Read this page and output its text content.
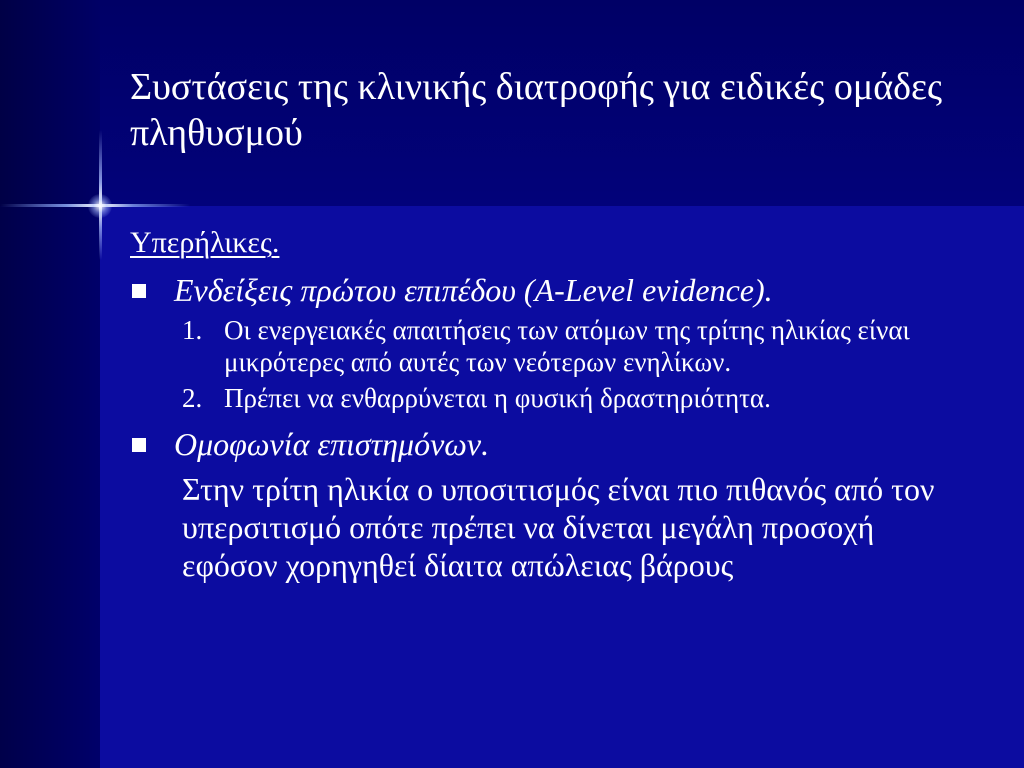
Συστάσεις της κλινικής διατροφής για ειδικές ομάδες πληθυσμού
Υπερήλικες.
Ενδείξεις πρώτου επιπέδου (A-Level evidence).
1. Οι ενεργειακές απαιτήσεις των ατόμων της τρίτης ηλικίας είναι μικρότερες από αυτές των νεότερων ενηλίκων.
2. Πρέπει να ενθαρρύνεται η φυσική δραστηριότητα.
Ομοφωνία επιστημόνων.
Στην τρίτη ηλικία ο υποσιτισμός είναι πιο πιθανός από τον υπερσιτισμό οπότε πρέπει να δίνεται μεγάλη προσοχή εφόσον χορηγηθεί δίαιτα απώλειας βάρους
